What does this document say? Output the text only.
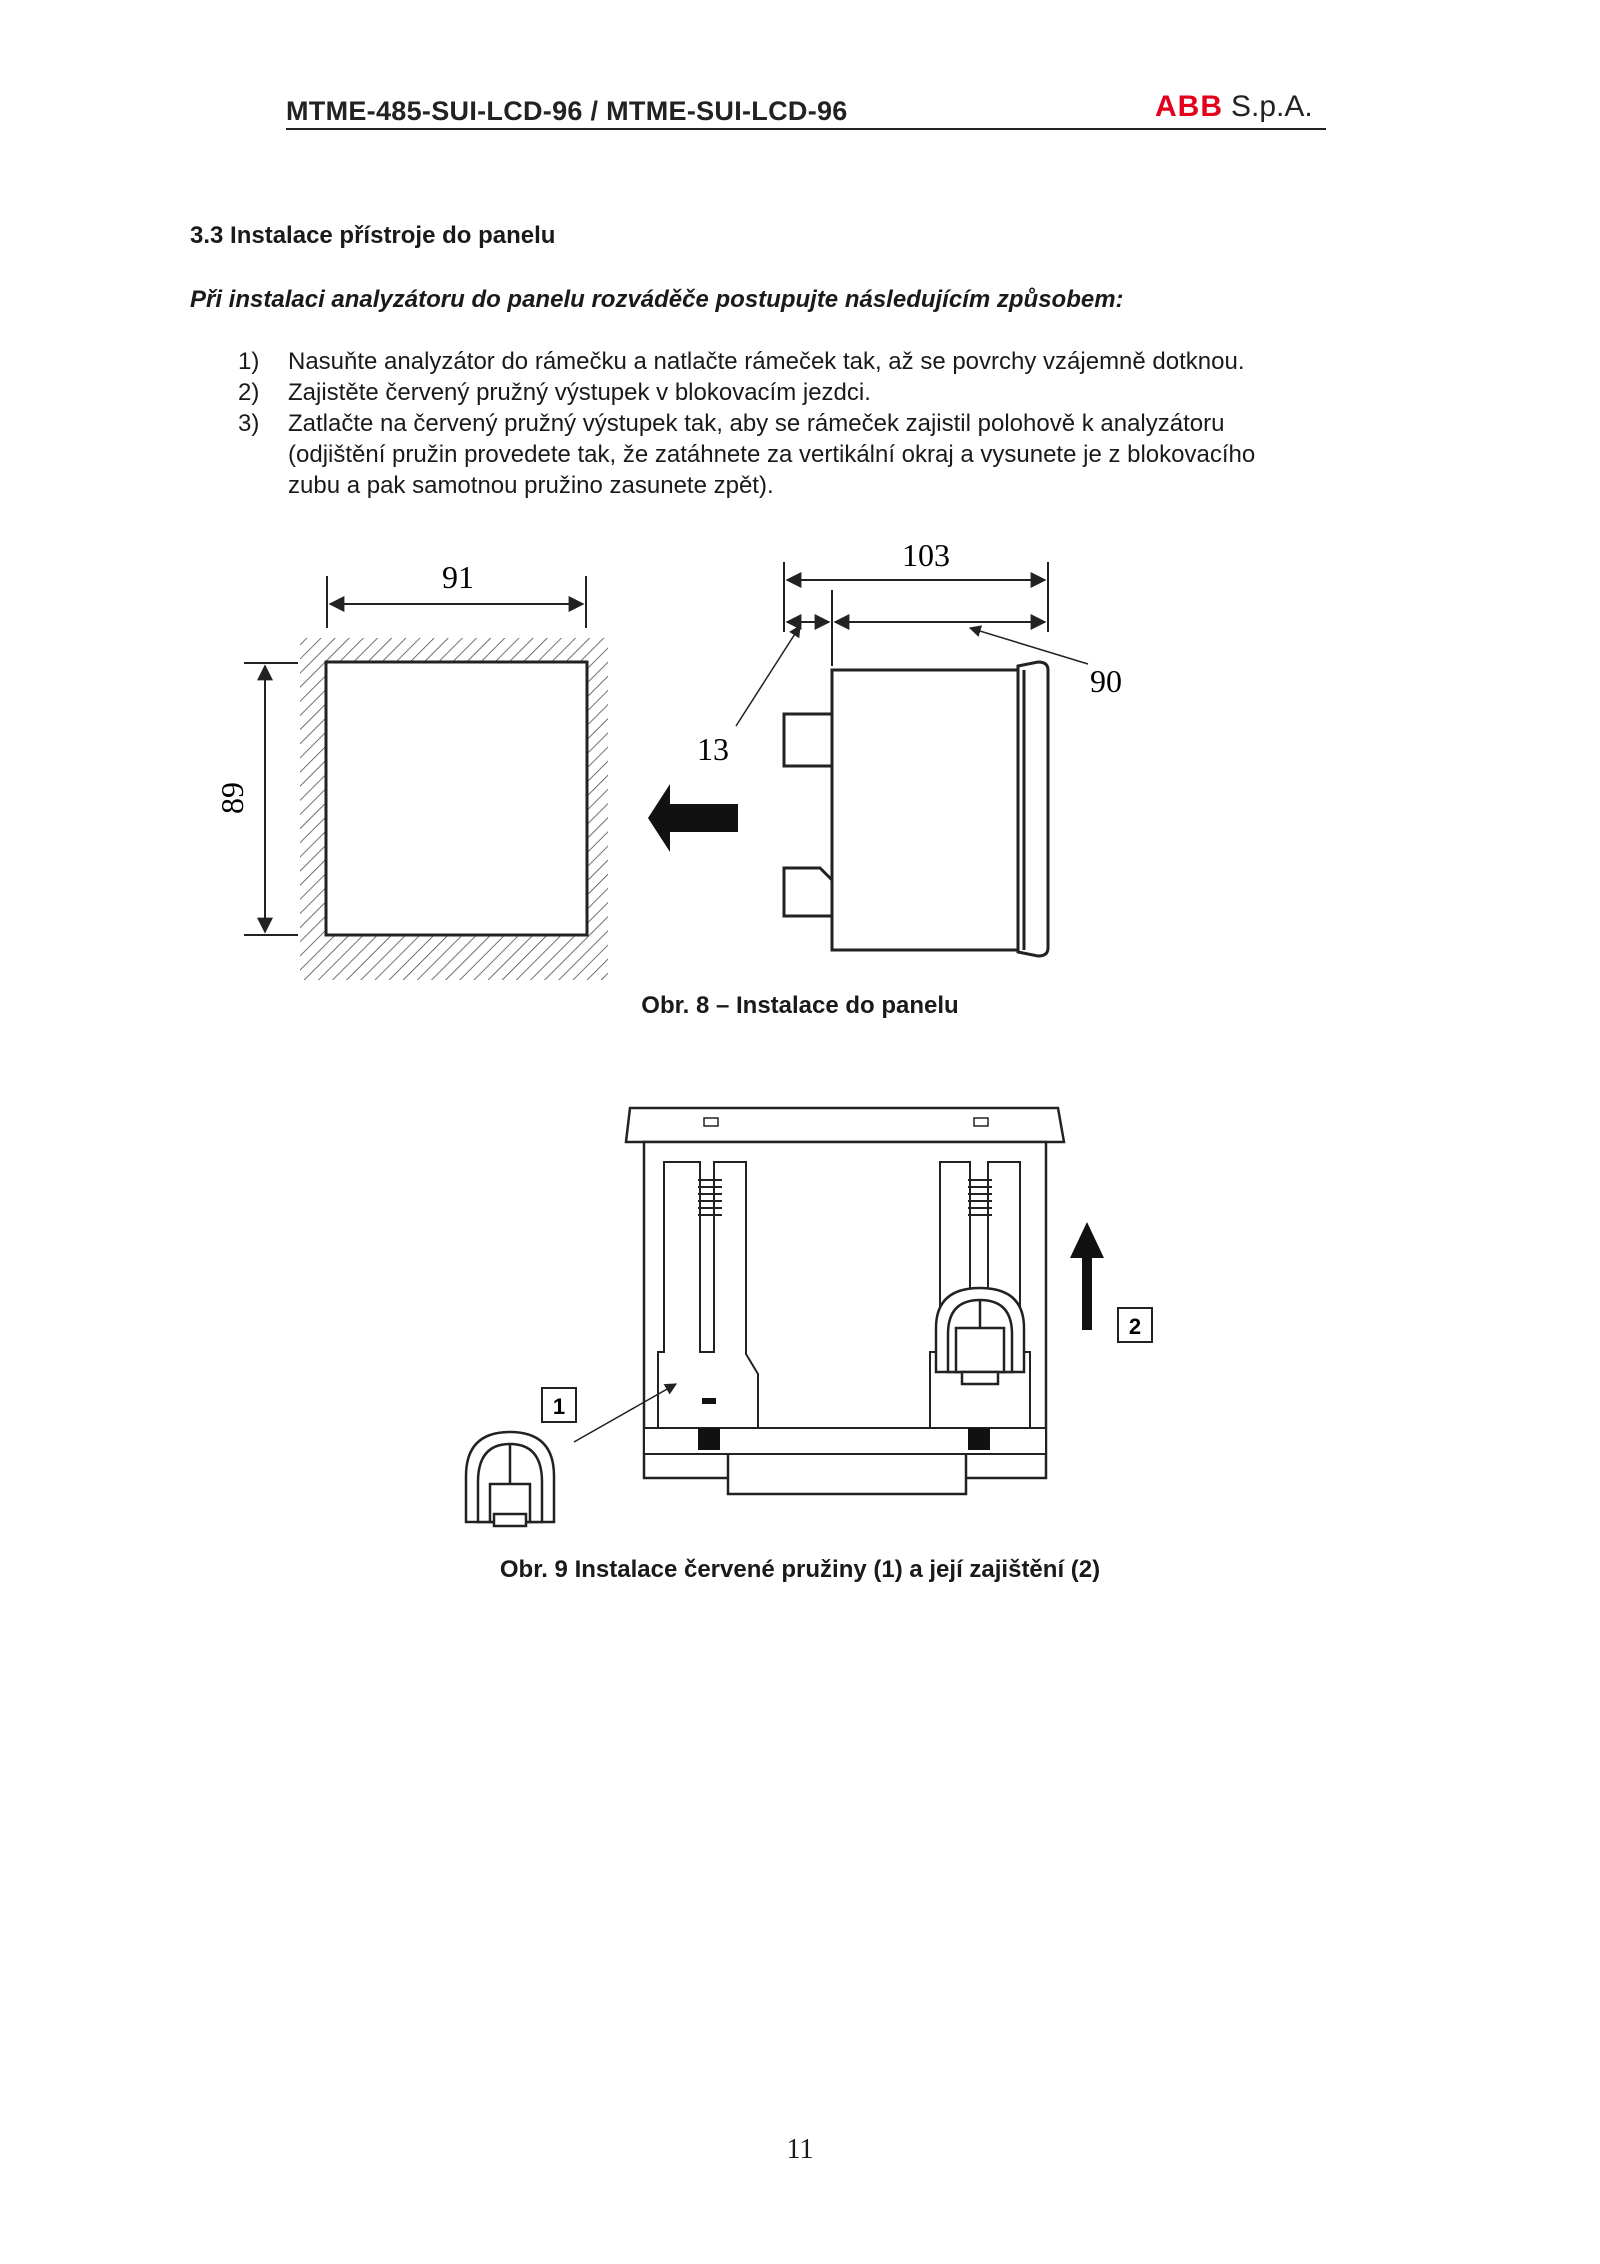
MTME-485-SUI-LCD-96 / MTME-SUI-LCD-96	ABB S.p.A.
3.3 Instalace přístroje do panelu
Při instalaci analyzátoru do panelu rozváděče postupujte následujícím způsobem:
1) Nasuňte analyzátor do rámečku a natlačte rámeček tak, až se povrchy vzájemně dotknou.
2) Zajistěte červený pružný výstupek v blokovacím jezdci.
3) Zatlačte na červený pružný výstupek tak, aby se rámeček zajistil polohově k analyzátoru
(odjištění pružin provedete tak, že zatáhnete za vertikální okraj a vysunete je z blokovacího
zubu a pak samotnou pružino zasunete zpět).
91
89
103
13
90
Obr. 8 – Instalace do panelu
1
2
Obr. 9 Instalace červené pružiny (1) a její zajištění (2)
11
